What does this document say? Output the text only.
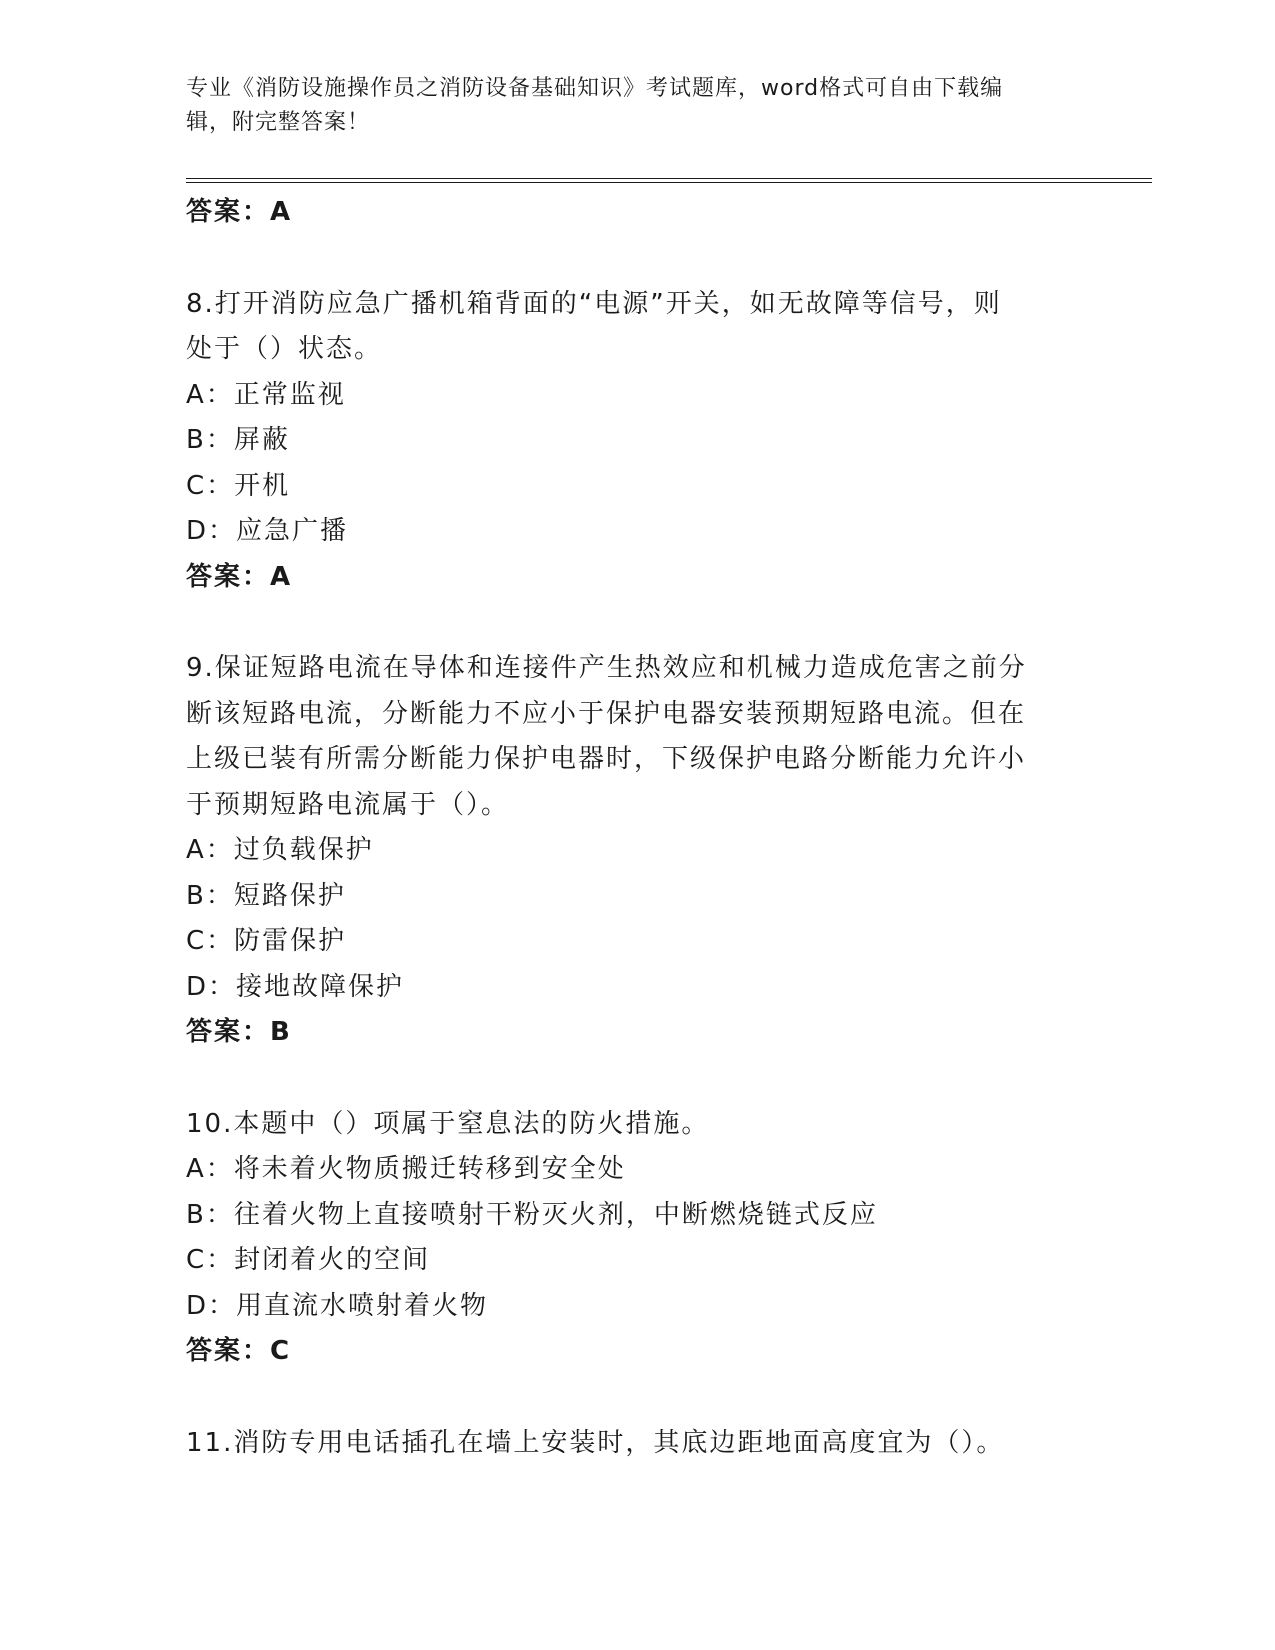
专业《消防设施操作员之消防设备基础知识》考试题库，word格式可自由下载编
辑，附完整答案！
答案：A
8.打开消防应急广播机箱背面的“电源”开关，如无故障等信号，则
处于（）状态。
A：正常监视
B：屏蔽
C：开机
D：应急广播
答案：A
9.保证短路电流在导体和连接件产生热效应和机械力造成危害之前分
断该短路电流，分断能力不应小于保护电器安装预期短路电流。但在
上级已装有所需分断能力保护电器时，下级保护电路分断能力允许小
于预期短路电流属于（）。
A：过负载保护
B：短路保护
C：防雷保护
D：接地故障保护
答案：B
10.本题中（）项属于窒息法的防火措施。
A：将未着火物质搬迁转移到安全处
B：往着火物上直接喷射干粉灭火剂，中断燃烧链式反应
C：封闭着火的空间
D：用直流水喷射着火物
答案：C
11.消防专用电话插孔在墙上安装时，其底边距地面高度宜为（）。
